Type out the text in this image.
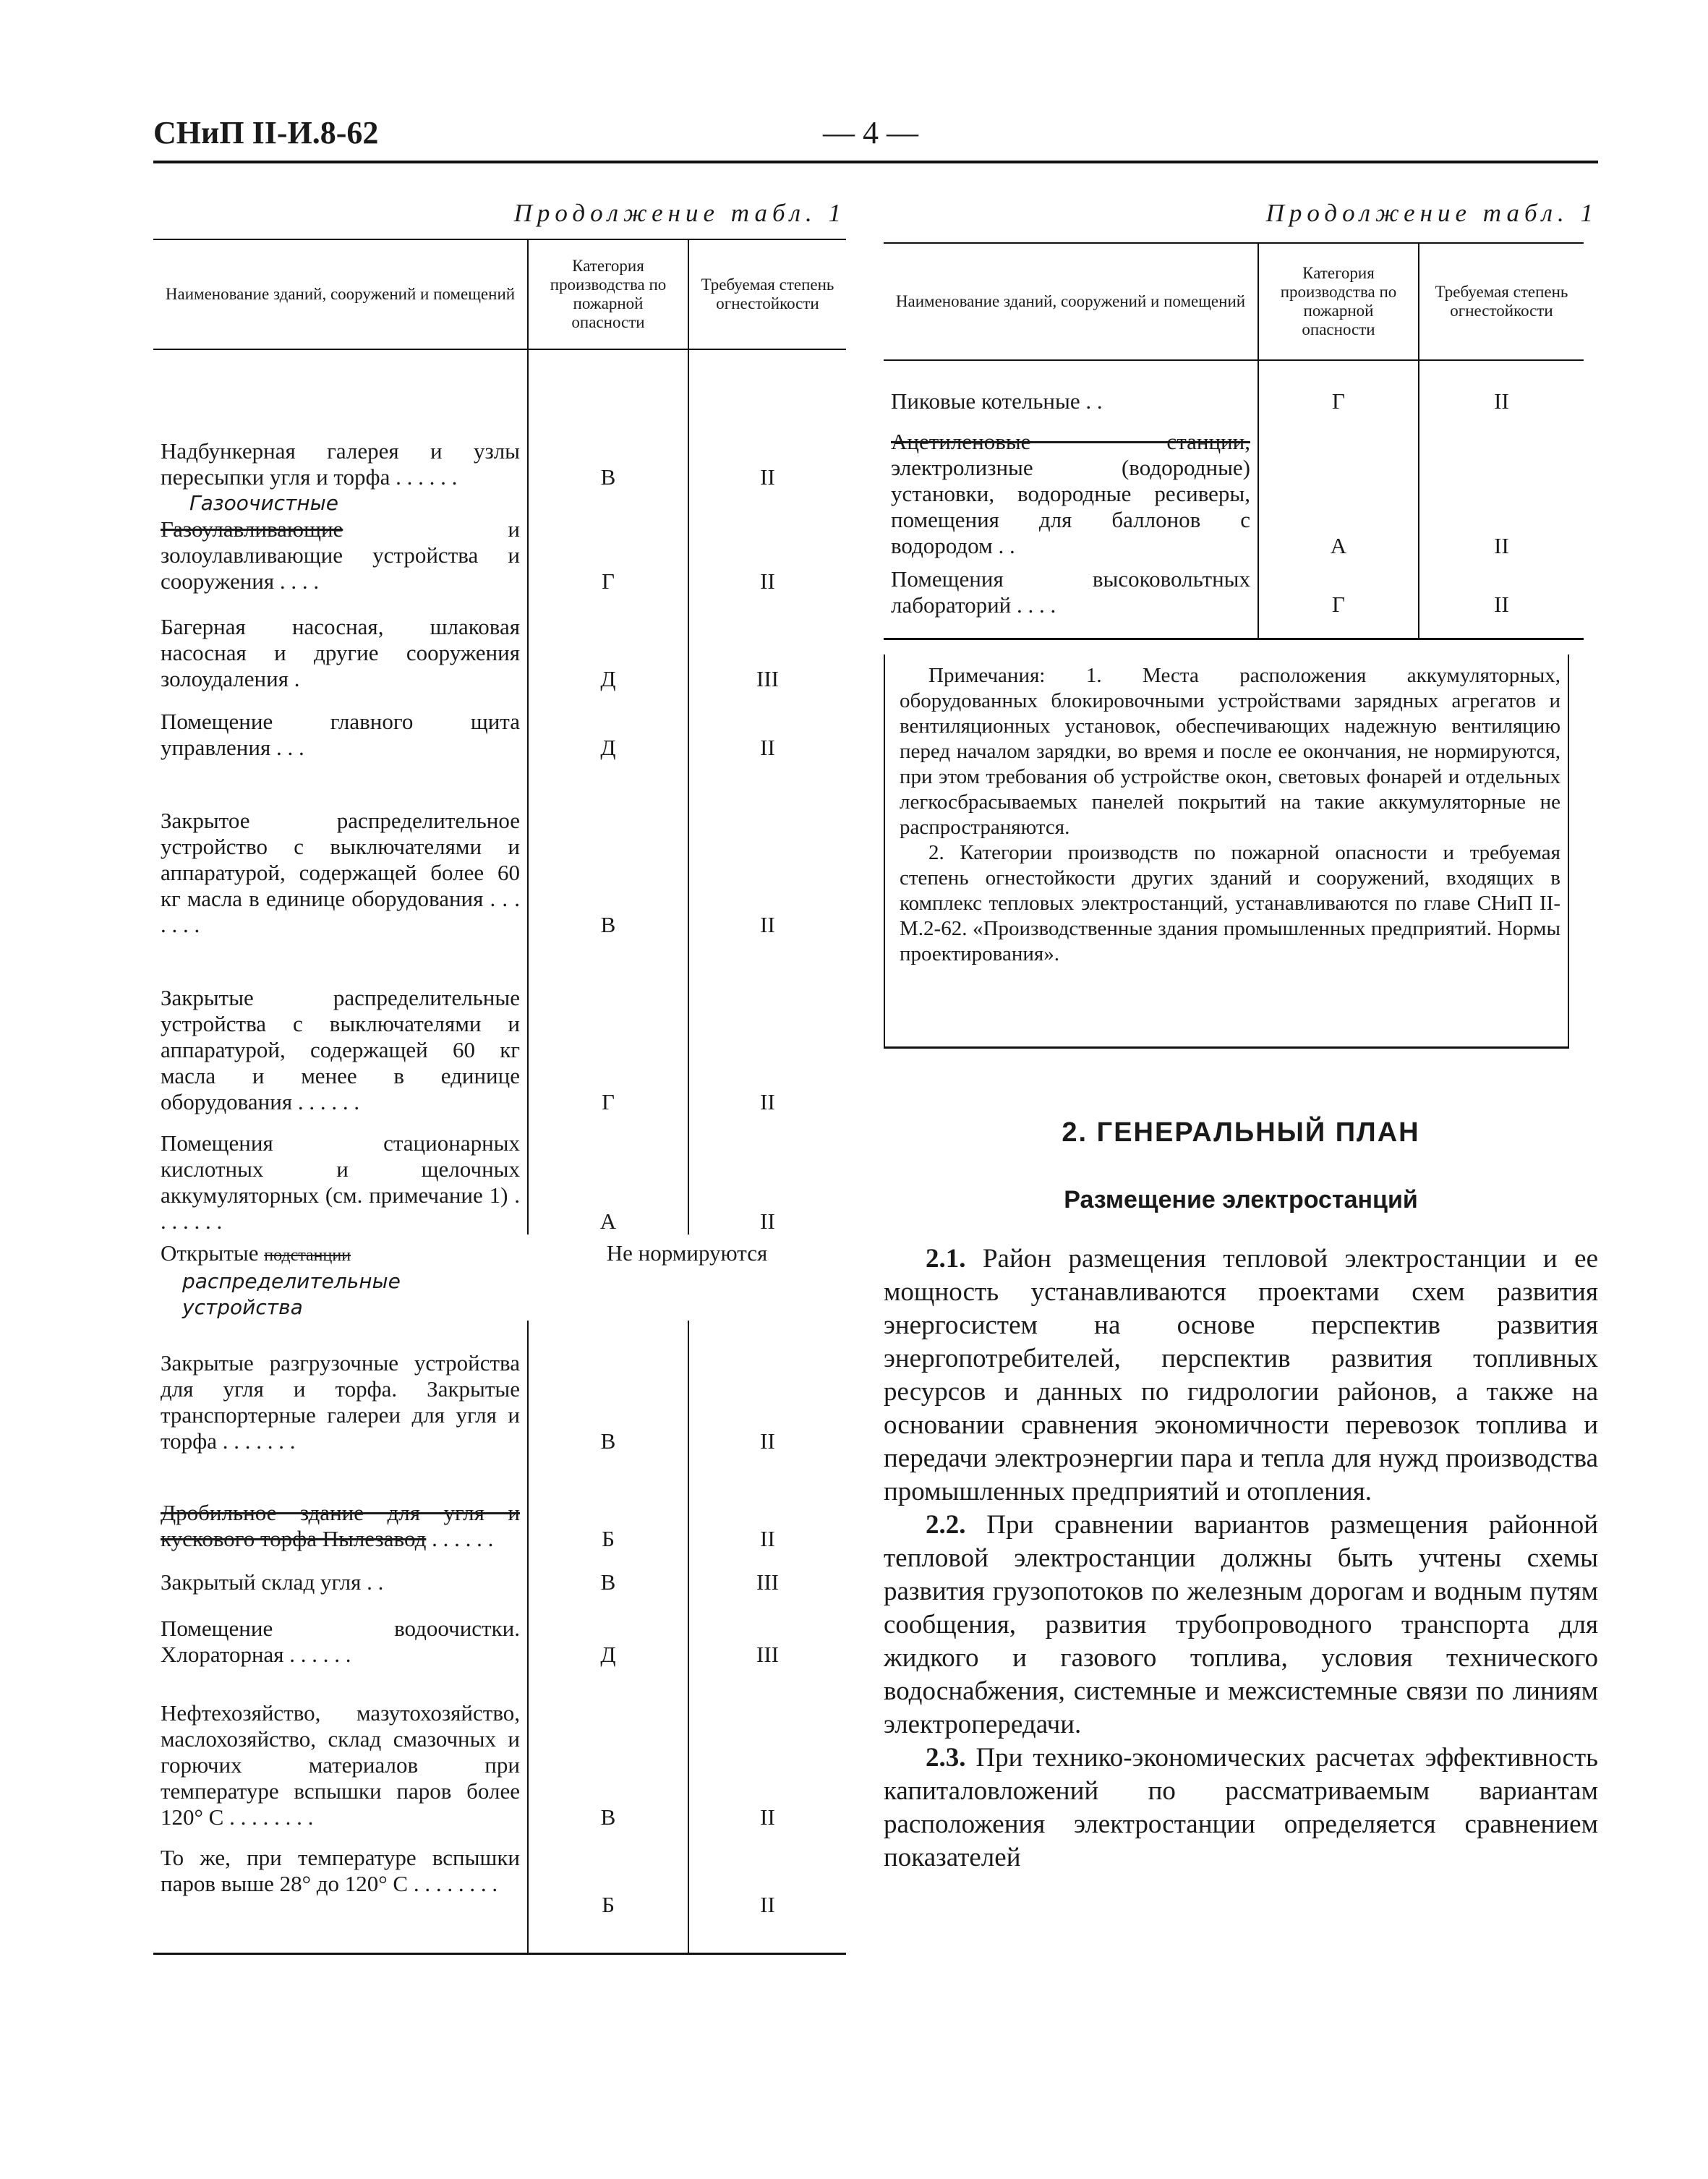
СНиП II-И.8-62	— 4 —
Продолжение табл. 1
Наименование зданий, сооружений и помещений	Категория производства по пожарной опасности	Требуемая степень огнестойкости
Надбункерная галерея и узлы пересыпки угля и торфа . . . . . .	В	II

Газоочистные
Газоулавливающие и золоулавливающие устройства и сооружения . . . .	Г	II
Багерная насосная, шлаковая насосная и другие сооружения золоудаления .	Д	III
Помещение главного щита управления . . .	Д	II
Закрытое распределительное устройство с выключателями и аппаратурой, содержащей более 60 кг масла в единице оборудования . . . . . . .	В	II
Закрытые распределительные устройства с выключателями и аппаратурой, содержащей 60 кг масла и менее в единице оборудования . . . . . .	Г	II
Помещения стационарных кислотных и щелочных аккумуляторных (см. примечание 1) . . . . . . .	А	II
Открытые подстанции
распределительные устройства	Не нормируются	
Закрытые разгрузочные устройства для угля и торфа. Закрытые транспортерные галереи для угля и торфа . . . . . . .	В	II
Дробильное здание для угля и кускового торфа Пылезавод . . . . . .	Б	II
Закрытый склад угля . .	В	III
Помещение водоочистки. Хлораторная . . . . . .	Д	III
Нефтехозяйство, мазутохозяйство, маслохозяйство, склад смазочных и горючих материалов при температуре вспышки паров более 120° С . . . . . . . .	В	II
То же, при температуре вспышки паров выше 28° до 120° С . . . . . . . .	Б	II
Продолжение табл. 1
Наименование зданий, сооружений и помещений	Категория производства по пожарной опасности	Требуемая степень огнестойкости
Пиковые котельные . .	Г	II
Ацетиленовые станции, электролизные (водородные) установки, водородные ресиверы, помещения для баллонов с водородом . .	А	II
Помещения высоковольтных лабораторий . . . .	Г	II

Примечания: 1. Места расположения аккумуляторных, оборудованных блокировочными устройствами зарядных агрегатов и вентиляционных установок, обеспечивающих надежную вентиляцию перед началом зарядки, во время и после ее окончания, не нормируются, при этом требования об устройстве окон, световых фонарей и отдельных легкосбрасываемых панелей покрытий на такие аккумуляторные не распространяются.

2. Категории производств по пожарной опасности и требуемая степень огнестойкости других зданий и сооружений, входящих в комплекс тепловых электростанций, устанавливаются по главе СНиП II-М.2-62. «Производственные здания промышленных предприятий. Нормы проектирования».

2. ГЕНЕРАЛЬНЫЙ ПЛАН
Размещение электростанций

2.1. Район размещения тепловой электростанции и ее мощность устанавливаются проектами схем развития энергосистем на основе перспектив развития энергопотребителей, перспектив развития топливных ресурсов и данных по гидрологии районов, а также на основании сравнения экономичности перевозок топлива и передачи электроэнергии пара и тепла для нужд производства промышленных предприятий и отопления.

2.2. При сравнении вариантов размещения районной тепловой электростанции должны быть учтены схемы развития грузопотоков по железным дорогам и водным путям сообщения, развития трубопроводного транспорта для жидкого и газового топлива, условия технического водоснабжения, системные и межсистемные связи по линиям электропередачи.

2.3. При технико-экономических расчетах эффективность капиталовложений по рассматриваемым вариантам расположения электростанции определяется сравнением показателей
